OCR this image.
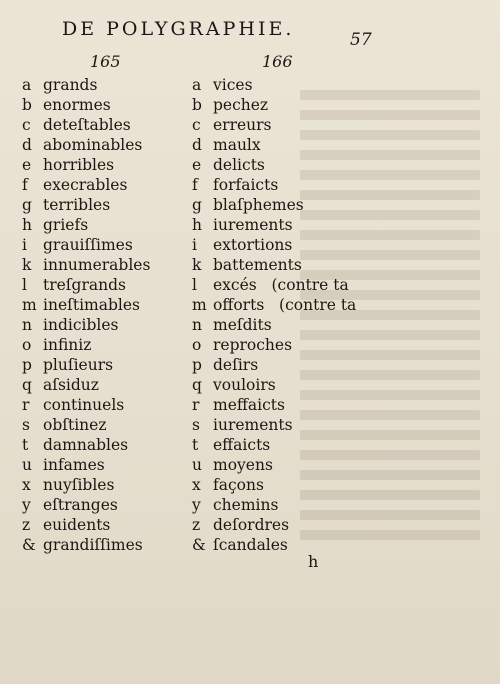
DE POLYGRAPHIE.	57
165	166
a grands
b enormes
c deteſtables
d abominables
e horribles
f execrables
g terribles
h griefs
i grauiſſimes
k innumerables
l treſgrands
m ineſtimables
n indicibles
o infiniz
p pluſieurs
q aſsiduz
r continuels
s obſtinez
t damnables
u infames
x nuyſibles
y eſtranges
z euidents
& grandiſſimes
a vices
b pechez
c erreurs
d maulx
e delicts
f forfaicts
g blaſphemes
h iurements
i extortions
k battements
l excés   (contre ta
m offorts   (contre ta
n meſdits
o reproches
p deſirs
q vouloirs
r meffaicts
s iurements
t effaicts
u moyens
x façons
y chemins
z deſordres
& ſcandales
h
